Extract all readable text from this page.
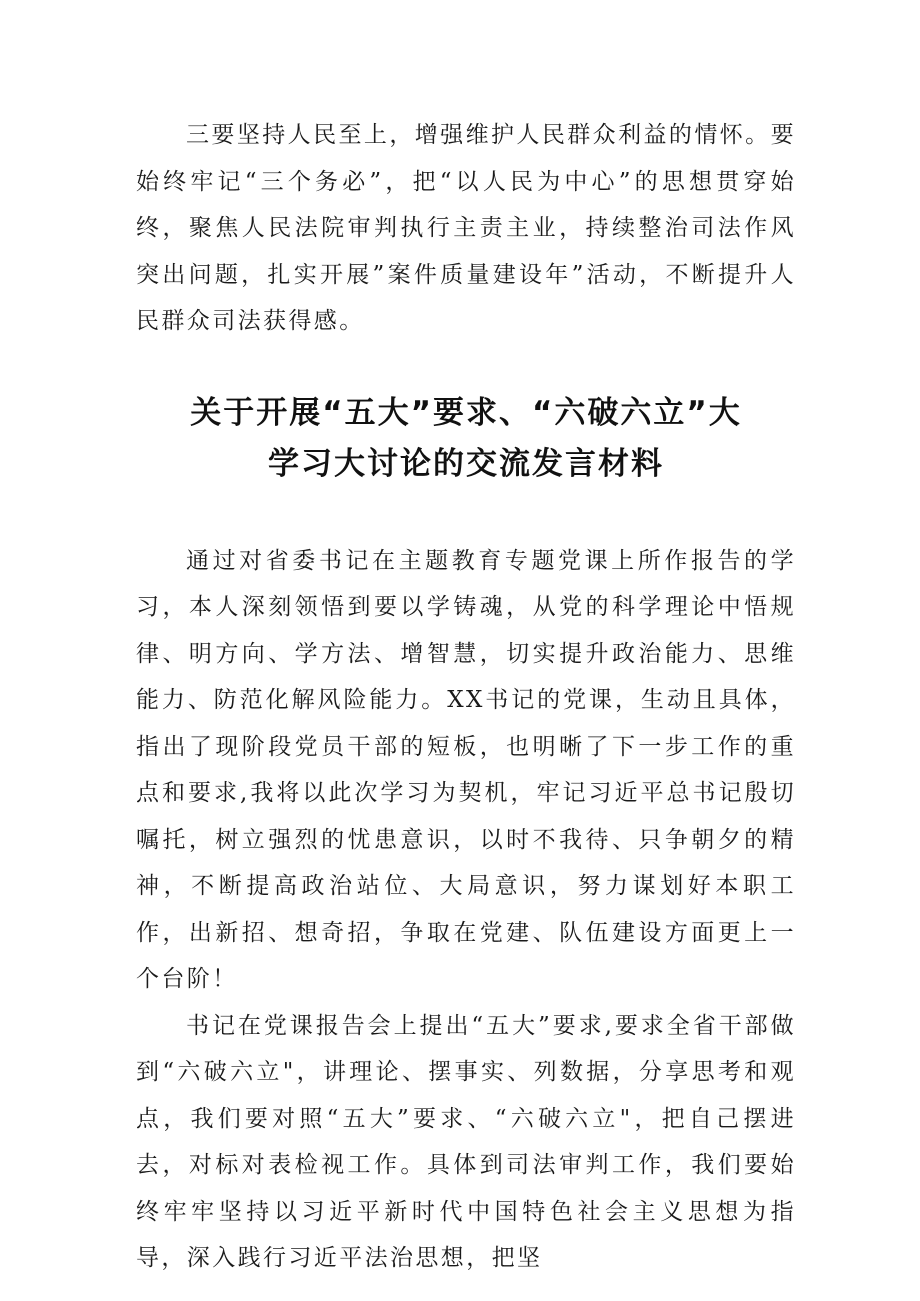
三要坚持人民至上，增强维护人民群众利益的情怀。要始终牢记“三个务必”，把“以人民为中心”的思想贯穿始终，聚焦人民法院审判执行主责主业，持续整治司法作风突出问题，扎实开展”案件质量建设年”活动，不断提升人民群众司法获得感。

关于开展“五大”要求、“六破六立”大
学习大讨论的交流发言材料

通过对省委书记在主题教育专题党课上所作报告的学习，本人深刻领悟到要以学铸魂，从党的科学理论中悟规律、明方向、学方法、增智慧，切实提升政治能力、思维能力、防范化解风险能力。XX书记的党课，生动且具体，指出了现阶段党员干部的短板，也明晰了下一步工作的重点和要求,我将以此次学习为契机，牢记习近平总书记殷切嘱托，树立强烈的忧患意识，以时不我待、只争朝夕的精神，不断提高政治站位、大局意识，努力谋划好本职工作，出新招、想奇招，争取在党建、队伍建设方面更上一个台阶！

书记在党课报告会上提出“五大”要求,要求全省干部做到“六破六立"，讲理论、摆事实、列数据，分享思考和观点，我们要对照“五大”要求、“六破六立"，把自己摆进去，对标对表检视工作。具体到司法审判工作，我们要始终牢牢坚持以习近平新时代中国特色社会主义思想为指导，深入践行习近平法治思想，把坚
